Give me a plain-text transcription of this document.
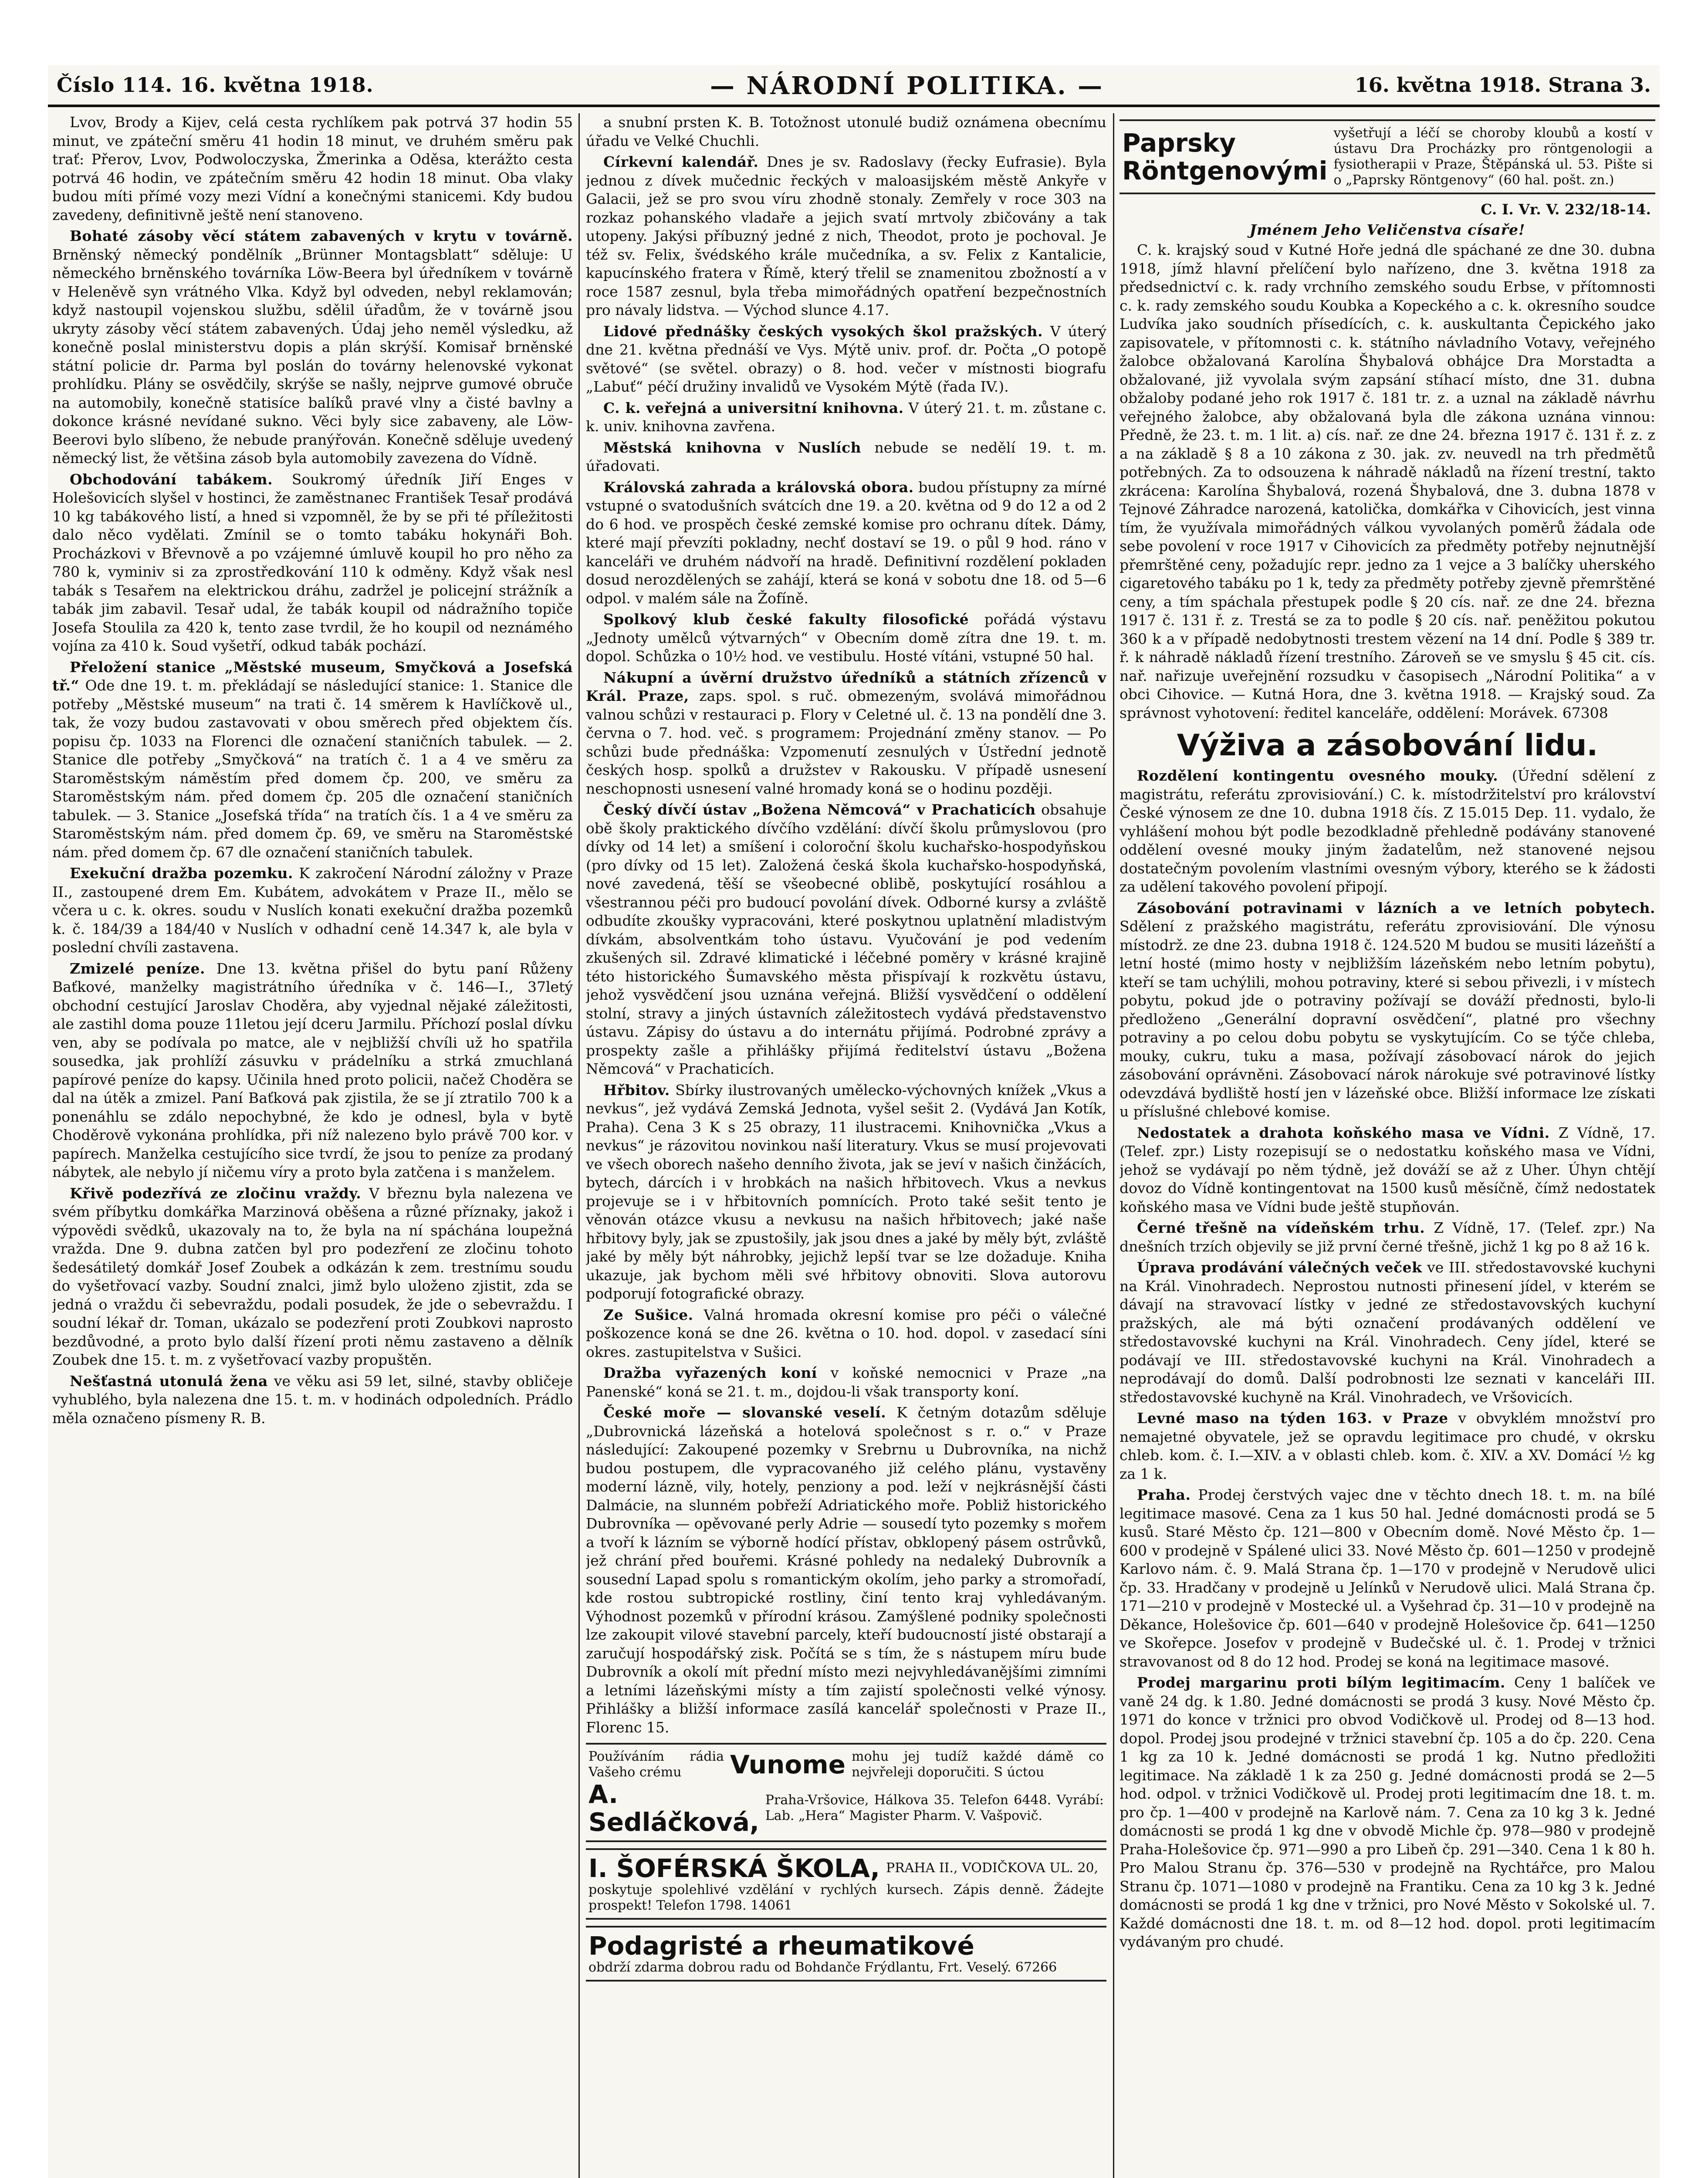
Číslo 114. 16. května 1918.	— NÁRODNÍ POLITIKA. —	16. května 1918. Strana 3.

Lvov, Brody a Kijev, celá cesta rychlíkem pak potrvá 37 hodin 55 minut, ve zpáteční směru 41 hodin 18 minut, ve druhém směru pak trať: Přerov, Lvov, Podwoloczyska, Žmerinka a Oděsa, kterážto cesta potrvá 46 hodin, ve zpátečním směru 42 hodin 18 minut. Oba vlaky budou míti přímé vozy mezi Vídní a konečnými stanicemi. Kdy budou zavedeny, definitivně ještě není stanoveno.

Bohaté zásoby věcí státem zabavených v krytu v továrně. Brněnský německý pondělník „Brünner Montagsblatt“ sděluje: U německého brněnského továrníka Löw-Beera byl úředníkem v továrně v Heleněvě syn vrátného Vlka. Když byl odveden, nebyl reklamován; když nastoupil vojenskou službu, sdělil úřadům, že v továrně jsou ukryty zásoby věcí státem zabavených. Údaj jeho neměl výsledku, až konečně poslal ministerstvu dopis a plán skrýší. Komisař brněnské státní policie dr. Parma byl poslán do továrny helenovské vykonat prohlídku. Plány se osvědčily, skrýše se našly, nejprve gumové obruče na automobily, konečně statisíce balíků pravé vlny a čisté bavlny a dokonce krásné nevídané sukno. Věci byly sice zabaveny, ale Löw-Beerovi bylo slíbeno, že nebude pranýřován. Konečně sděluje uvedený německý list, že většina zásob byla automobily zavezena do Vídně.

Obchodování tabákem. Soukromý úředník Jiří Enges v Holešovicích slyšel v hostinci, že zaměstnanec František Tesař prodává 10 kg tabákového listí, a hned si vzpomněl, že by se při té příležitosti dalo něco vydělati. Zmínil se o tomto tabáku hokynáři Boh. Procházkovi v Břevnově a po vzájemné úmluvě koupil ho pro něho za 780 k, vyminiv si za zprostředkování 110 k odměny. Když však nesl tabák s Tesařem na elektrickou dráhu, zadržel je policejní strážník a tabák jim zabavil. Tesař udal, že tabák koupil od nádražního topiče Josefa Stoulila za 420 k, tento zase tvrdil, že ho koupil od neznámého vojína za 410 k. Soud vyšetří, odkud tabák pochází.

Přeložení stanice „Městské museum, Smyčková a Josefská tř.“ Ode dne 19. t. m. překládají se následující stanice: 1. Stanice dle potřeby „Městské museum“ na trati č. 14 směrem k Havlíčkově ul., tak, že vozy budou zastavovati v obou směrech před objektem čís. popisu čp. 1033 na Florenci dle označení staničních tabulek. — 2. Stanice dle potřeby „Smyčková“ na tratích č. 1 a 4 ve směru za Staroměstským náměstím před domem čp. 200, ve směru za Staroměstským nám. před domem čp. 205 dle označení staničních tabulek. — 3. Stanice „Josefská třída“ na tratích čís. 1 a 4 ve směru za Staroměstským nám. před domem čp. 69, ve směru na Staroměstské nám. před domem čp. 67 dle označení staničních tabulek.

Exekuční dražba pozemku. K zakročení Národní záložny v Praze II., zastoupené drem Em. Kubátem, advokátem v Praze II., mělo se včera u c. k. okres. soudu v Nuslích konati exekuční dražba pozemků k. č. 184/39 a 184/40 v Nuslích v odhadní ceně 14.347 k, ale byla v poslední chvíli zastavena.

Zmizelé peníze. Dne 13. května přišel do bytu paní Růženy Baťkové, manželky magistrátního úředníka v č. 146—I., 37letý obchodní cestující Jaroslav Choděra, aby vyjednal nějaké záležitosti, ale zastihl doma pouze 11letou její dceru Jarmilu. Příchozí poslal dívku ven, aby se podívala po matce, ale v nejbližší chvíli už ho spatřila sousedka, jak prohlíží zásuvku v prádelníku a strká zmuchlaná papírové peníze do kapsy. Učinila hned proto policii, načež Choděra se dal na útěk a zmizel. Paní Baťková pak zjistila, že se jí ztratilo 700 k a ponenáhlu se zdálo nepochybné, že kdo je odnesl, byla v bytě Choděrově vykonána prohlídka, při níž nalezeno bylo právě 700 kor. v papírech. Manželka cestujícího sice tvrdí, že jsou to peníze za prodaný nábytek, ale nebylo jí ničemu víry a proto byla zatčena i s manželem.

Křivě podezřívá ze zločinu vraždy. V březnu byla nalezena ve svém příbytku domkářka Marzinová oběšena a různé příznaky, jakož i výpovědi svědků, ukazovaly na to, že byla na ní spáchána loupežná vražda. Dne 9. dubna zatčen byl pro podezření ze zločinu tohoto šedesátiletý domkář Josef Zoubek a odkázán k zem. trestnímu soudu do vyšetřovací vazby. Soudní znalci, jimž bylo uloženo zjistit, zda se jedná o vraždu či sebevraždu, podali posudek, že jde o sebevraždu. I soudní lékař dr. Toman, ukázalo se podezření proti Zoubkovi naprosto bezdůvodné, a proto bylo další řízení proti němu zastaveno a dělník Zoubek dne 15. t. m. z vyšetřovací vazby propuštěn.

Nešťastná utonulá žena ve věku asi 59 let, silné, stavby obličeje vyhublého, byla nalezena dne 15. t. m. v hodinách odpoledních. Prádlo měla označeno písmeny R. B.

a snubní prsten K. B. Totožnost utonulé budiž oznámena obecnímu úřadu ve Velké Chuchli.

Církevní kalendář. Dnes je sv. Radoslavy (řecky Eufrasie). Byla jednou z dívek mučednic řeckých v maloasijském městě Ankyře v Galacii, jež se pro svou víru zhodně stonaly. Zemřely v roce 303 na rozkaz pohanského vladaře a jejich svatí mrtvoly zbičovány a tak utopeny. Jakýsi příbuzný jedné z nich, Theodot, proto je pochoval. Je též sv. Felix, švédského krále mučedníka, a sv. Felix z Kantalicie, kapucínského fratera v Římě, který třelil se znamenitou zbožností a v roce 1587 zesnul, byla třeba mimořádných opatření bezpečnostních pro návaly lidstva. — Východ slunce 4.17.

Lidové přednášky českých vysokých škol pražských. V úterý dne 21. května přednáší ve Vys. Mýtě univ. prof. dr. Počta „O potopě světové“ (se světel. obrazy) o 8. hod. večer v místnosti biografu „Labuť“ péčí družiny invalidů ve Vysokém Mýtě (řada IV.).

C. k. veřejná a universitní knihovna. V úterý 21. t. m. zůstane c. k. univ. knihovna zavřena.

Městská knihovna v Nuslích nebude se nedělí 19. t. m. úřadovati.

Královská zahrada a královská obora. budou přístupny za mírné vstupné o svatodušních svátcích dne 19. a 20. května od 9 do 12 a od 2 do 6 hod. ve prospěch české zemské komise pro ochranu dítek. Dámy, které mají převzíti pokladny, nechť dostaví se 19. o půl 9 hod. ráno v kanceláři ve druhém nádvoří na hradě. Definitivní rozdělení pokladen dosud nerozdělených se zahájí, která se koná v sobotu dne 18. od 5—6 odpol. v malém sále na Žofíně.

Spolkový klub české fakulty filosofické pořádá výstavu „Jednoty umělců výtvarných“ v Obecním domě zítra dne 19. t. m. dopol. Schůzka o 10½ hod. ve vestibulu. Hosté vítáni, vstupné 50 hal.

Nákupní a úvěrní družstvo úředníků a státních zřízenců v Král. Praze, zaps. spol. s ruč. obmezeným, svolává mimořádnou valnou schůzi v restauraci p. Flory v Celetné ul. č. 13 na pondělí dne 3. června o 7. hod. več. s programem: Projednání změny stanov. — Po schůzi bude přednáška: Vzpomenutí zesnulých v Ústřední jednotě českých hosp. spolků a družstev v Rakousku. V případě usnesení neschopnosti usnesení valné hromady koná se o hodinu později.

Český dívčí ústav „Božena Němcová“ v Prachaticích obsahuje obě školy praktického dívčího vzdělání: dívčí školu průmyslovou (pro dívky od 14 let) a smíšení i coloroční školu kuchařsko-hospodyňskou (pro dívky od 15 let). Založená česká škola kuchařsko-hospodyňská, nové zavedená, těší se všeobecné oblibě, poskytující rosáhlou a všestrannou péči pro budoucí povolání dívek. Odborné kursy a zvláště odbudíte zkoušky vypracováni, které poskytnou uplatnění mladistvým dívkám, absolventkám toho ústavu. Vyučování je pod vedením zkušených sil. Zdravé klimatické i léčebné poměry v krásné krajině této historického Šumavského města přispívají k rozkvětu ústavu, jehož vysvědčení jsou uznána veřejná. Bližší vysvědčení o oddělení stolní, stravy a jiných ústavních záležitostech vydává představenstvo ústavu. Zápisy do ústavu a do internátu přijímá. Podrobné zprávy a prospekty zašle a přihlášky přijímá ředitelství ústavu „Božena Němcová“ v Prachaticích.

Hřbitov. Sbírky ilustrovaných umělecko-výchovných knížek „Vkus a nevkus“, jež vydává Zemská Jednota, vyšel sešit 2. (Vydává Jan Kotík, Praha). Cena 3 K s 25 obrazy, 11 ilustracemi. Knihovnička „Vkus a nevkus“ je rázovitou novinkou naší literatury. Vkus se musí projevovati ve všech oborech našeho denního života, jak se jeví v našich činžácích, bytech, dárcích i v hrobkách na našich hřbitovech. Vkus a nevkus projevuje se i v hřbitovních pomnících. Proto také sešit tento je věnován otázce vkusu a nevkusu na našich hřbitovech; jaké naše hřbitovy byly, jak se zpustošily, jak jsou dnes a jaké by měly být, zvláště jaké by měly být náhrobky, jejichž lepší tvar se lze dožaduje. Kniha ukazuje, jak bychom měli své hřbitovy obnoviti. Slova autorovu podporují fotografické obrazy.

Ze Sušice. Valná hromada okresní komise pro péči o válečné poškozence koná se dne 26. května o 10. hod. dopol. v zasedací síni okres. zastupitelstva v Sušici.

Dražba vyřazených koní v koňské nemocnici v Praze „na Panenské“ koná se 21. t. m., dojdou-li však transporty koní.

České moře — slovanské veselí. K četným dotazům sděluje „Dubrovnická lázeňská a hotelová společnost s r. o.“ v Praze následující: Zakoupené pozemky v Srebrnu u Dubrovníka, na nichž budou postupem, dle vypracovaného již celého plánu, vystavěny moderní lázně, vily, hotely, penziony a pod. leží v nejkrásnější části Dalmácie, na slunném pobřeží Adriatického moře. Pobliž historického Dubrovníka — opěvované perly Adrie — sousedí tyto pozemky s mořem a tvoří k lázním se výborně hodící přístav, obklopený pásem ostrůvků, jež chrání před bouřemi. Krásné pohledy na nedaleký Dubrovník a sousední Lapad spolu s romantickým okolím, jeho parky a stromořadí, kde rostou subtropické rostliny, činí tento kraj vyhledávaným. Výhodnost pozemků v přírodní krásou. Zamýšlené podniky společnosti lze zakoupit vilové stavební parcely, kteří budoucností jisté obstarají a zaručují hospodářský zisk. Počítá se s tím, že s nástupem míru bude Dubrovník a okolí mít přední místo mezi nejvyhledávanějšími zimními a letními lázeňskými místy a tím zajistí společnosti velké výnosy. Přihlášky a bližší informace zasílá kancelář společnosti v Praze II., Florenc 15.

Používáním rádia Vašeho crému	Vunome mohu jej tudíž každé dámě co nejvřeleji doporučiti. S úctou
A. Sedláčková,
Praha-Vršovice, Hálkova 35. Telefon 6448. Vyrábí: Lab. „Hera“ Magister Pharm. V. Vašpovič.
I. ŠOFÉRSKÁ ŠKOLA, PRAHA II., VODIČKOVA UL. 20,
poskytuje spolehlivé vzdělání v rychlých kursech. Zápis denně. Žádejte prospekt! Telefon 1798. 14061
Podagristé a rheumatikové
obdrží zdarma dobrou radu od Bohdanče Frýdlantu, Frt. Veselý. 67266
Paprsky Röntgenovými
vyšetřují a léčí se choroby kloubů a kostí v ústavu Dra Procházky pro röntgenologii a fysiotherapii v Praze, Štěpánská ul. 53. Pište si o „Paprsky Röntgenovy“ (60 hal. pošt. zn.)

C. I. Vr. V. 232/18-14.

Jménem Jeho Veličenstva císaře!

C. k. krajský soud v Kutné Hoře jedná dle spáchané ze dne 30. dubna 1918, jímž hlavní přelíčení bylo nařízeno, dne 3. května 1918 za předsednictví c. k. rady vrchního zemského soudu Erbse, v přítomnosti c. k. rady zemského soudu Koubka a Kopeckého a c. k. okresního soudce Ludvíka jako soudních přísedících, c. k. auskultanta Čepického jako zapisovatele, v přítomnosti c. k. státního návladního Votavy, veřejného žalobce obžalovaná Karolína Šhybalová obhájce Dra Morstadta a obžalované, již vyvolala svým zapsání stíhací místo, dne 31. dubna obžaloby podané jeho rok 1917 č. 181 tr. z. a uznal na základě návrhu veřejného žalobce, aby obžalovaná byla dle zákona uznána vinnou: Předně, že 23. t. m. 1 lit. a) cís. nař. ze dne 24. března 1917 č. 131 ř. z. z a na základě § 8 a 10 zákona z 30. jak. zv. neuvedl na trh předmětů potřebných. Za to odsouzena k náhradě nákladů na řízení trestní, takto zkrácena: Karolína Šhybalová, rozená Šhybalová, dne 3. dubna 1878 v Tejnové Záhradce narozená, katolička, domkářka v Cihovicích, jest vinna tím, že využívala mimořádných válkou vyvolaných poměrů žádala ode sebe povolení v roce 1917 v Cihovicích za předměty potřeby nejnutnější přemrštěné ceny, požadujíc repr. jedno za 1 vejce a 3 balíčky uherského cigaretového tabáku po 1 k, tedy za předměty potřeby zjevně přemrštěné ceny, a tím spáchala přestupek podle § 20 cís. nař. ze dne 24. března 1917 č. 131 ř. z. Trestá se za to podle § 20 cís. nař. peněžitou pokutou 360 k a v případě nedobytnosti trestem vězení na 14 dní. Podle § 389 tr. ř. k náhradě nákladů řízení trestního. Zároveň se ve smyslu § 45 cit. cís. nař. nařizuje uveřejnění rozsudku v časopisech „Národní Politika“ a v obci Cihovice. — Kutná Hora, dne 3. května 1918. — Krajský soud. Za správnost vyhotovení: ředitel kanceláře, oddělení: Morávek. 67308

Výživa a zásobování lidu.

Rozdělení kontingentu ovesného mouky. (Úřední sdělení z magistrátu, referátu zprovisiování.) C. k. místodržitelství pro království České výnosem ze dne 10. dubna 1918 čís. Z 15.015 Dep. 11. vydalo, že vyhlášení mohou být podle bezodkladně přehledně podávány stanovené oddělení ovesné mouky jiným žadatelům, než stanovené nejsou dostatečným povolením vlastními ovesným výbory, kterého se k žádosti za udělení takového povolení připojí.

Zásobování potravinami v lázních a ve letních pobytech. Sdělení z pražského magistrátu, referátu zprovisiování. Dle výnosu místodrž. ze dne 23. dubna 1918 č. 124.520 M budou se musiti lázeňští a letní hosté (mimo hosty v nejbližším lázeňském nebo letním pobytu), kteří se tam uchýlili, mohou potraviny, které si sebou přivezli, i v místech pobytu, pokud jde o potraviny požívají se dováží přednosti, bylo-li předloženo „Generální dopravní osvědčení“, platné pro všechny potraviny a po celou dobu pobytu se vyskytujícím. Co se týče chleba, mouky, cukru, tuku a masa, požívají zásobovací nárok do jejich zásobování oprávněni. Zásobovací nárok nárokuje své potravinové lístky odevzdává bydliště hostí jen v lázeňské obce. Bližší informace lze získati u příslušné chlebové komise.

Nedostatek a drahota koňského masa ve Vídni. Z Vídně, 17. (Telef. zpr.) Listy rozepisují se o nedostatku koňského masa ve Vídni, jehož se vydávají po něm týdně, jež dováží se až z Uher. Úhyn chtějí dovoz do Vídně kontingentovat na 1500 kusů měsíčně, čímž nedostatek koňského masa ve Vídni bude ještě stupňován.

Černé třešně na vídeňském trhu. Z Vídně, 17. (Telef. zpr.) Na dnešních trzích objevily se již první černé třešně, jichž 1 kg po 8 až 16 k.

Úprava prodávání válečných veček ve III. středostavovské kuchyni na Král. Vinohradech. Neprostou nutnosti přinesení jídel, v kterém se dávají na stravovací lístky v jedné ze středostavovských kuchyní pražských, ale má býti označení prodávaných oddělení ve středostavovské kuchyni na Král. Vinohradech. Ceny jídel, které se podávají ve III. středostavovské kuchyni na Král. Vinohradech a neprodávají do domů. Další podrobnosti lze seznati v kanceláři III. středostavovské kuchyně na Král. Vinohradech, ve Vršovicích.

Levné maso na týden 163. v Praze v obvyklém množství pro nemajetné obyvatele, jež se opravdu legitimace pro chudé, v okrsku chleb. kom. č. I.—XIV. a v oblasti chleb. kom. č. XIV. a XV. Domácí ½ kg za 1 k.

Praha. Prodej čerstvých vajec dne v těchto dnech 18. t. m. na bílé legitimace masové. Cena za 1 kus 50 hal. Jedné domácnosti prodá se 5 kusů. Staré Město čp. 121—800 v Obecním domě. Nové Město čp. 1—600 v prodejně v Spálené ulici 33. Nové Město čp. 601—1250 v prodejně Karlovo nám. č. 9. Malá Strana čp. 1—170 v prodejně v Nerudově ulici čp. 33. Hradčany v prodejně u Jelínků v Nerudově ulici. Malá Strana čp. 171—210 v prodejně v Mostecké ul. a Vyšehrad čp. 31—10 v prodejně na Děkance, Holešovice čp. 601—640 v prodejně Holešovice čp. 641—1250 ve Skořepce. Josefov v prodejně v Budečské ul. č. 1. Prodej v tržnici stravovanost od 8 do 12 hod. Prodej se koná na legitimace masové.

Prodej margarinu proti bílým legitimacím. Ceny 1 balíček ve vaně 24 dg. k 1.80. Jedné domácnosti se prodá 3 kusy. Nové Město čp. 1971 do konce v tržnici pro obvod Vodičkově ul. Prodej od 8—13 hod. dopol. Prodej jsou prodejné v tržnici stavební čp. 105 a do čp. 220. Cena 1 kg za 10 k. Jedné domácnosti se prodá 1 kg. Nutno předložiti legitimace. Na základě 1 k za 250 g. Jedné domácnosti prodá se 2—5 hod. odpol. v tržnici Vodičkově ul. Prodej proti legitimacím dne 18. t. m. pro čp. 1—400 v prodejně na Karlově nám. 7. Cena za 10 kg 3 k. Jedné domácnosti se prodá 1 kg dne v obvodě Michle čp. 978—980 v prodejně Praha-Holešovice čp. 971—990 a pro Libeň čp. 291—340. Cena 1 k 80 h. Pro Malou Stranu čp. 376—530 v prodejně na Rychtářce, pro Malou Stranu čp. 1071—1080 v prodejně na Frantiku. Cena za 10 kg 3 k. Jedné domácnosti se prodá 1 kg dne v tržnici, pro Nové Město v Sokolské ul. 7. Každé domácnosti dne 18. t. m. od 8—12 hod. dopol. proti legitimacím vydávaným pro chudé.
